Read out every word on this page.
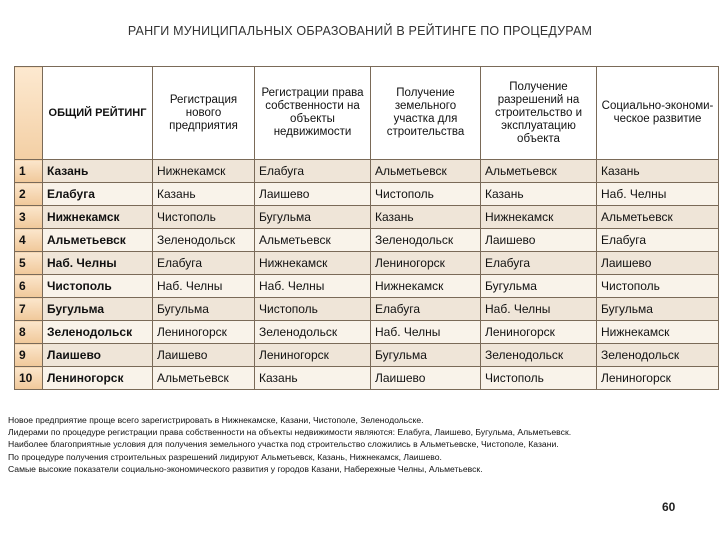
РАНГИ МУНИЦИПАЛЬНЫХ ОБРАЗОВАНИЙ В РЕЙТИНГЕ ПО ПРОЦЕДУРАМ
	ОБЩИЙ РЕЙТИНГ	Регистрация нового предприятия	Регистрации права собственности на объекты недвижимости	Получение земельного участка для строительства	Получение разрешений на строительство и эксплуатацию объекта	Социально-экономи-ческое развитие
1	Казань	Нижнекамск	Елабуга	Альметьевск	Альметьевск	Казань
2	Елабуга	Казань	Лаишево	Чистополь	Казань	Наб. Челны
3	Нижнекамск	Чистополь	Бугульма	Казань	Нижнекамск	Альметьевск
4	Альметьевск	Зеленодольск	Альметьевск	Зеленодольск	Лаишево	Елабуга
5	Наб. Челны	Елабуга	Нижнекамск	Лениногорск	Елабуга	Лаишево
6	Чистополь	Наб. Челны	Наб. Челны	Нижнекамск	Бугульма	Чистополь
7	Бугульма	Бугульма	Чистополь	Елабуга	Наб. Челны	Бугульма
8	Зеленодольск	Лениногорск	Зеленодольск	Наб. Челны	Лениногорск	Нижнекамск
9	Лаишево	Лаишево	Лениногорск	Бугульма	Зеленодольск	Зеленодольск
10	Лениногорск	Альметьевск	Казань	Лаишево	Чистополь	Лениногорск

Новое предприятие проще всего зарегистрировать в Нижнекамске, Казани, Чистополе, Зеленодольске.

Лидерами по процедуре регистрации права собственности на объекты недвижимости являются: Елабуга, Лаишево, Бугульма, Альметьевск.

Наиболее благоприятные условия для получения земельного участка под строительство сложились в Альметьевске, Чистополе, Казани.

По процедуре получения строительных разрешений лидируют Альметьевск, Казань, Нижнекамск, Лаишево.

Самые высокие показатели социально-экономического развития у городов Казани, Набережные Челны, Альметьевск.

60
